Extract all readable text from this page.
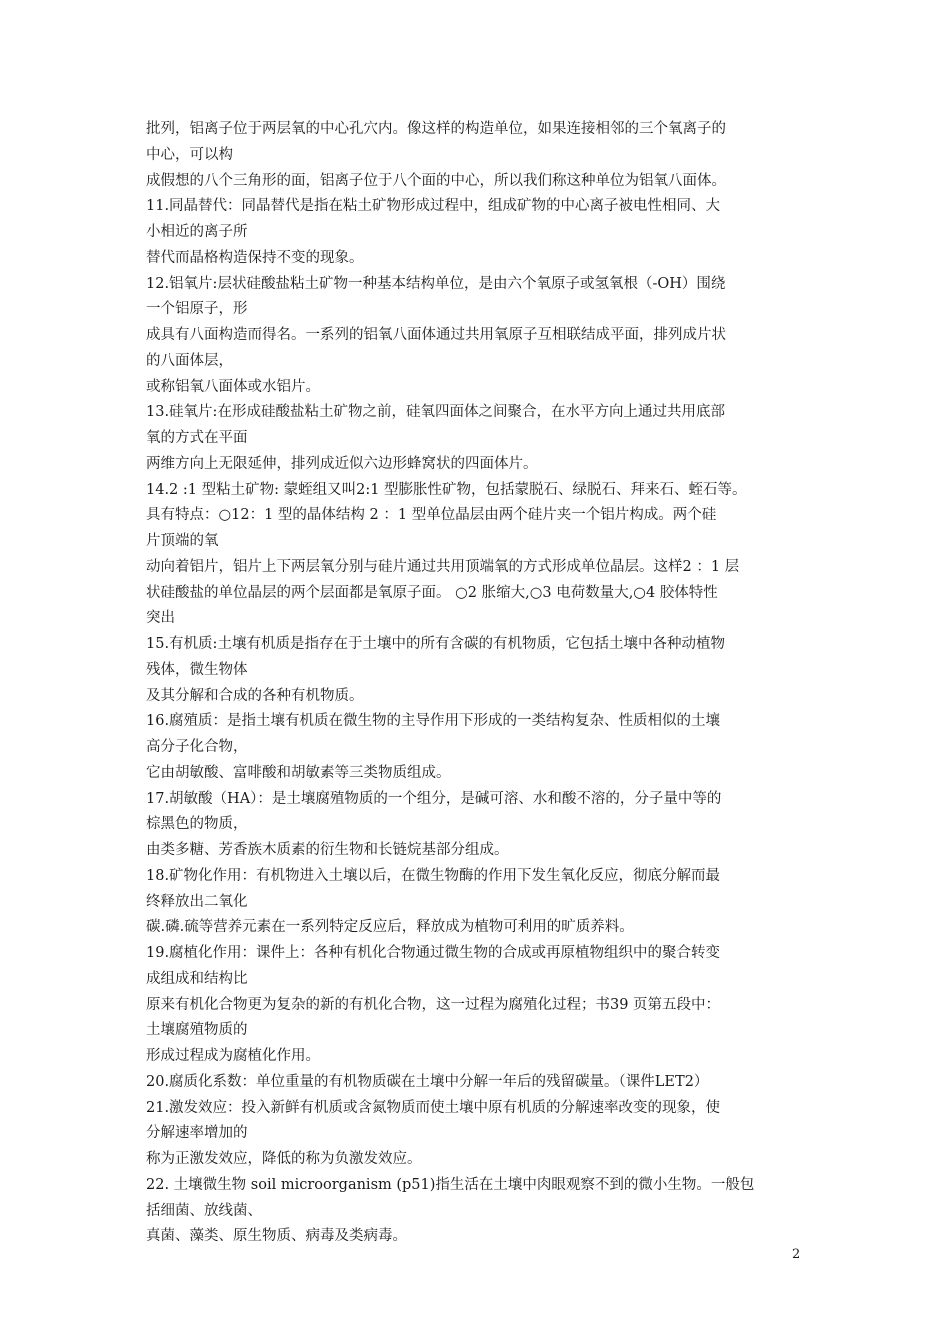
批列，铝离子位于两层氧的中心孔穴内。像这样的构造单位，如果连接相邻的三个氧离子的
中心，可以构
成假想的八个三角形的面，铝离子位于八个面的中心，所以我们称这种单位为铝氧八面体。
11.同晶替代：同晶替代是指在粘土矿物形成过程中，组成矿物的中心离子被电性相同、大
小相近的离子所
替代而晶格构造保持不变的现象。
12.铝氧片:层状硅酸盐粘土矿物一种基本结构单位，是由六个氧原子或氢氧根（-OH）围绕
一个铝原子，形
成具有八面构造而得名。一系列的铝氧八面体通过共用氧原子互相联结成平面，排列成片状
的八面体层，
或称铝氧八面体或水铝片。
13.硅氧片:在形成硅酸盐粘土矿物之前，硅氧四面体之间聚合，在水平方向上通过共用底部
氧的方式在平面
两维方向上无限延伸，排列成近似六边形蜂窝状的四面体片。
14.2 :1 型粘土矿物: 蒙蛭组又叫2:1 型膨胀性矿物，包括蒙脱石、绿脱石、拜来石、蛭石等。
具有特点：○12：1 型的晶体结构 2 ：1 型单位晶层由两个硅片夹一个铝片构成。两个硅
片顶端的氧
动向着铝片，铝片上下两层氧分别与硅片通过共用顶端氧的方式形成单位晶层。这样2 ：1 层
状硅酸盐的单位晶层的两个层面都是氧原子面。 ○2 胀缩大,○3 电荷数量大,○4 胶体特性
突出
15.有机质:土壤有机质是指存在于土壤中的所有含碳的有机物质，它包括土壤中各种动植物
残体，微生物体
及其分解和合成的各种有机物质。
16.腐殖质：是指土壤有机质在微生物的主导作用下形成的一类结构复杂、性质相似的土壤
高分子化合物，
它由胡敏酸、富啡酸和胡敏素等三类物质组成。
17.胡敏酸（HA）：是土壤腐殖物质的一个组分，是碱可溶、水和酸不溶的，分子量中等的
棕黑色的物质，
由类多糖、芳香族木质素的衍生物和长链烷基部分组成。
18.矿物化作用：有机物进入土壤以后，在微生物酶的作用下发生氧化反应，彻底分解而最
终释放出二氧化
碳.磷.硫等营养元素在一系列特定反应后，释放成为植物可利用的旷质养料。
19.腐植化作用：课件上：各种有机化合物通过微生物的合成或再原植物组织中的聚合转变
成组成和结构比
原来有机化合物更为复杂的新的有机化合物，这一过程为腐殖化过程；书39 页第五段中：
土壤腐殖物质的
形成过程成为腐植化作用。
20.腐质化系数：单位重量的有机物质碳在土壤中分解一年后的残留碳量。（课件LET2）
21.激发效应：投入新鲜有机质或含氮物质而使土壤中原有机质的分解速率改变的现象，使
分解速率增加的
称为正激发效应，降低的称为负激发效应。
22. 土壤微生物 soil microorganism (p51)指生活在土壤中肉眼观察不到的微小生物。一般包
括细菌、放线菌、
真菌、藻类、原生物质、病毒及类病毒。
2
